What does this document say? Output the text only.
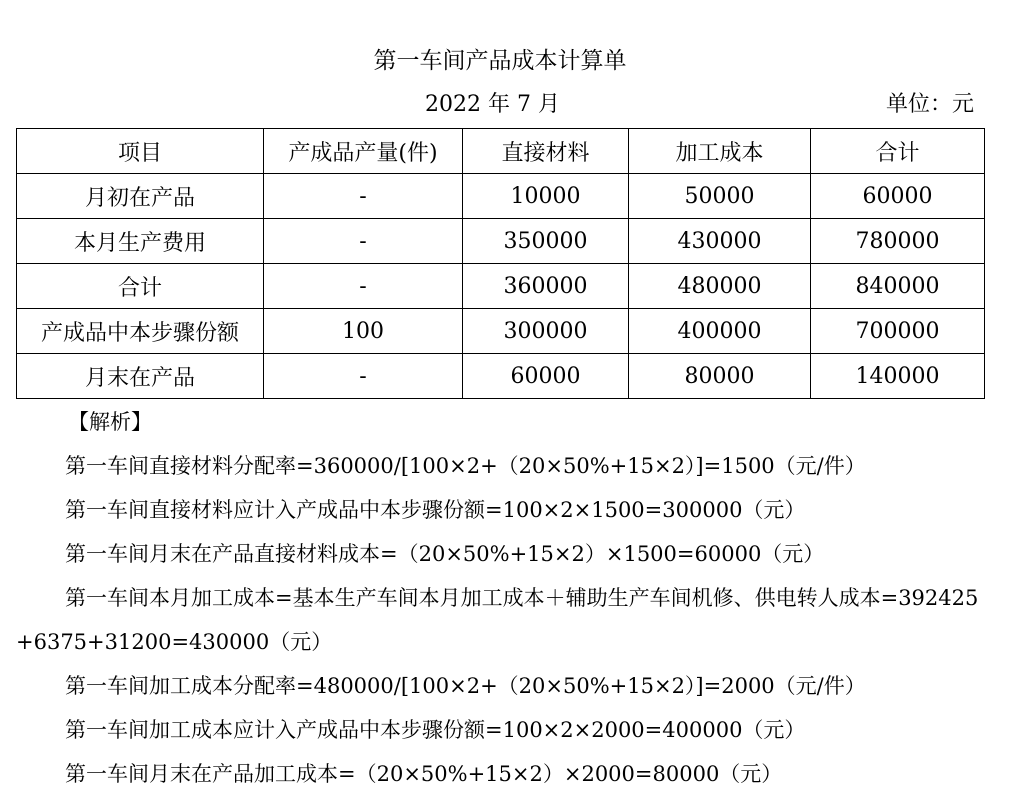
第一车间产品成本计算单
2022 年 7 月	单位：元
项目	产成品产量(件)	直接材料	加工成本	合计
月初在产品	-	10000	50000	60000
本月生产费用	-	350000	430000	780000
合计	-	360000	480000	840000
产成品中本步骤份额	100	300000	400000	700000
月末在产品	-	60000	80000	140000
【解析】

第一车间直接材料分配率=360000/[100×2+（20×50%+15×2）]=1500（元/件）

第一车间直接材料应计入产成品中本步骤份额=100×2×1500=300000（元）

第一车间月末在产品直接材料成本=（20×50%+15×2）×1500=60000（元）

第一车间本月加工成本=基本生产车间本月加工成本＋辅助生产车间机修、供电转人成本=392425+6375+31200=430000（元）

第一车间加工成本分配率=480000/[100×2+（20×50%+15×2）]=2000（元/件）

第一车间加工成本应计入产成品中本步骤份额=100×2×2000=400000（元）

第一车间月末在产品加工成本=（20×50%+15×2）×2000=80000（元）
